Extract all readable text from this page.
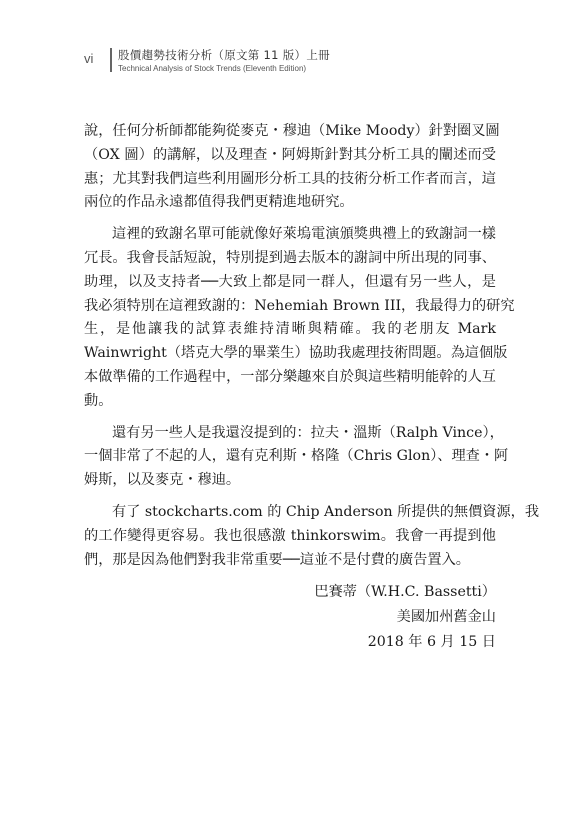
vi 股價趨勢技術分析（原文第 11 版）上冊
Technical Analysis of Stock Trends (Eleventh Edition)
說，任何分析師都能夠從麥克・穆迪（Mike Moody）針對圈叉圖
（OX 圖）的講解，以及理查・阿姆斯針對其分析工具的闡述而受
惠；尤其對我們這些利用圖形分析工具的技術分析工作者而言，這
兩位的作品永遠都值得我們更精進地研究。
這裡的致謝名單可能就像好萊塢電演頒獎典禮上的致謝詞一樣
冗長。我會長話短說，特別提到過去版本的謝詞中所出現的同事、
助理，以及支持者──大致上都是同一群人，但還有另一些人，是
我必須特別在這裡致謝的：Nehemiah Brown III，我最得力的研究
生，是他讓我的試算表維持清晰與精確。我的老朋友 Mark
Wainwright（塔克大學的畢業生）協助我處理技術問題。為這個版
本做準備的工作過程中，一部分樂趣來自於與這些精明能幹的人互
動。
還有另一些人是我還沒提到的：拉夫・溫斯（Ralph Vince），
一個非常了不起的人，還有克利斯・格隆（Chris Glon）、理查・阿
姆斯，以及麥克・穆迪。
有了 stockcharts.com 的 Chip Anderson 所提供的無價資源，我
的工作變得更容易。我也很感激 thinkorswim。我會一再提到他
們，那是因為他們對我非常重要──這並不是付費的廣告置入。
巴賽蒂（W.H.C. Bassetti）
美國加州舊金山
2018 年 6 月 15 日
